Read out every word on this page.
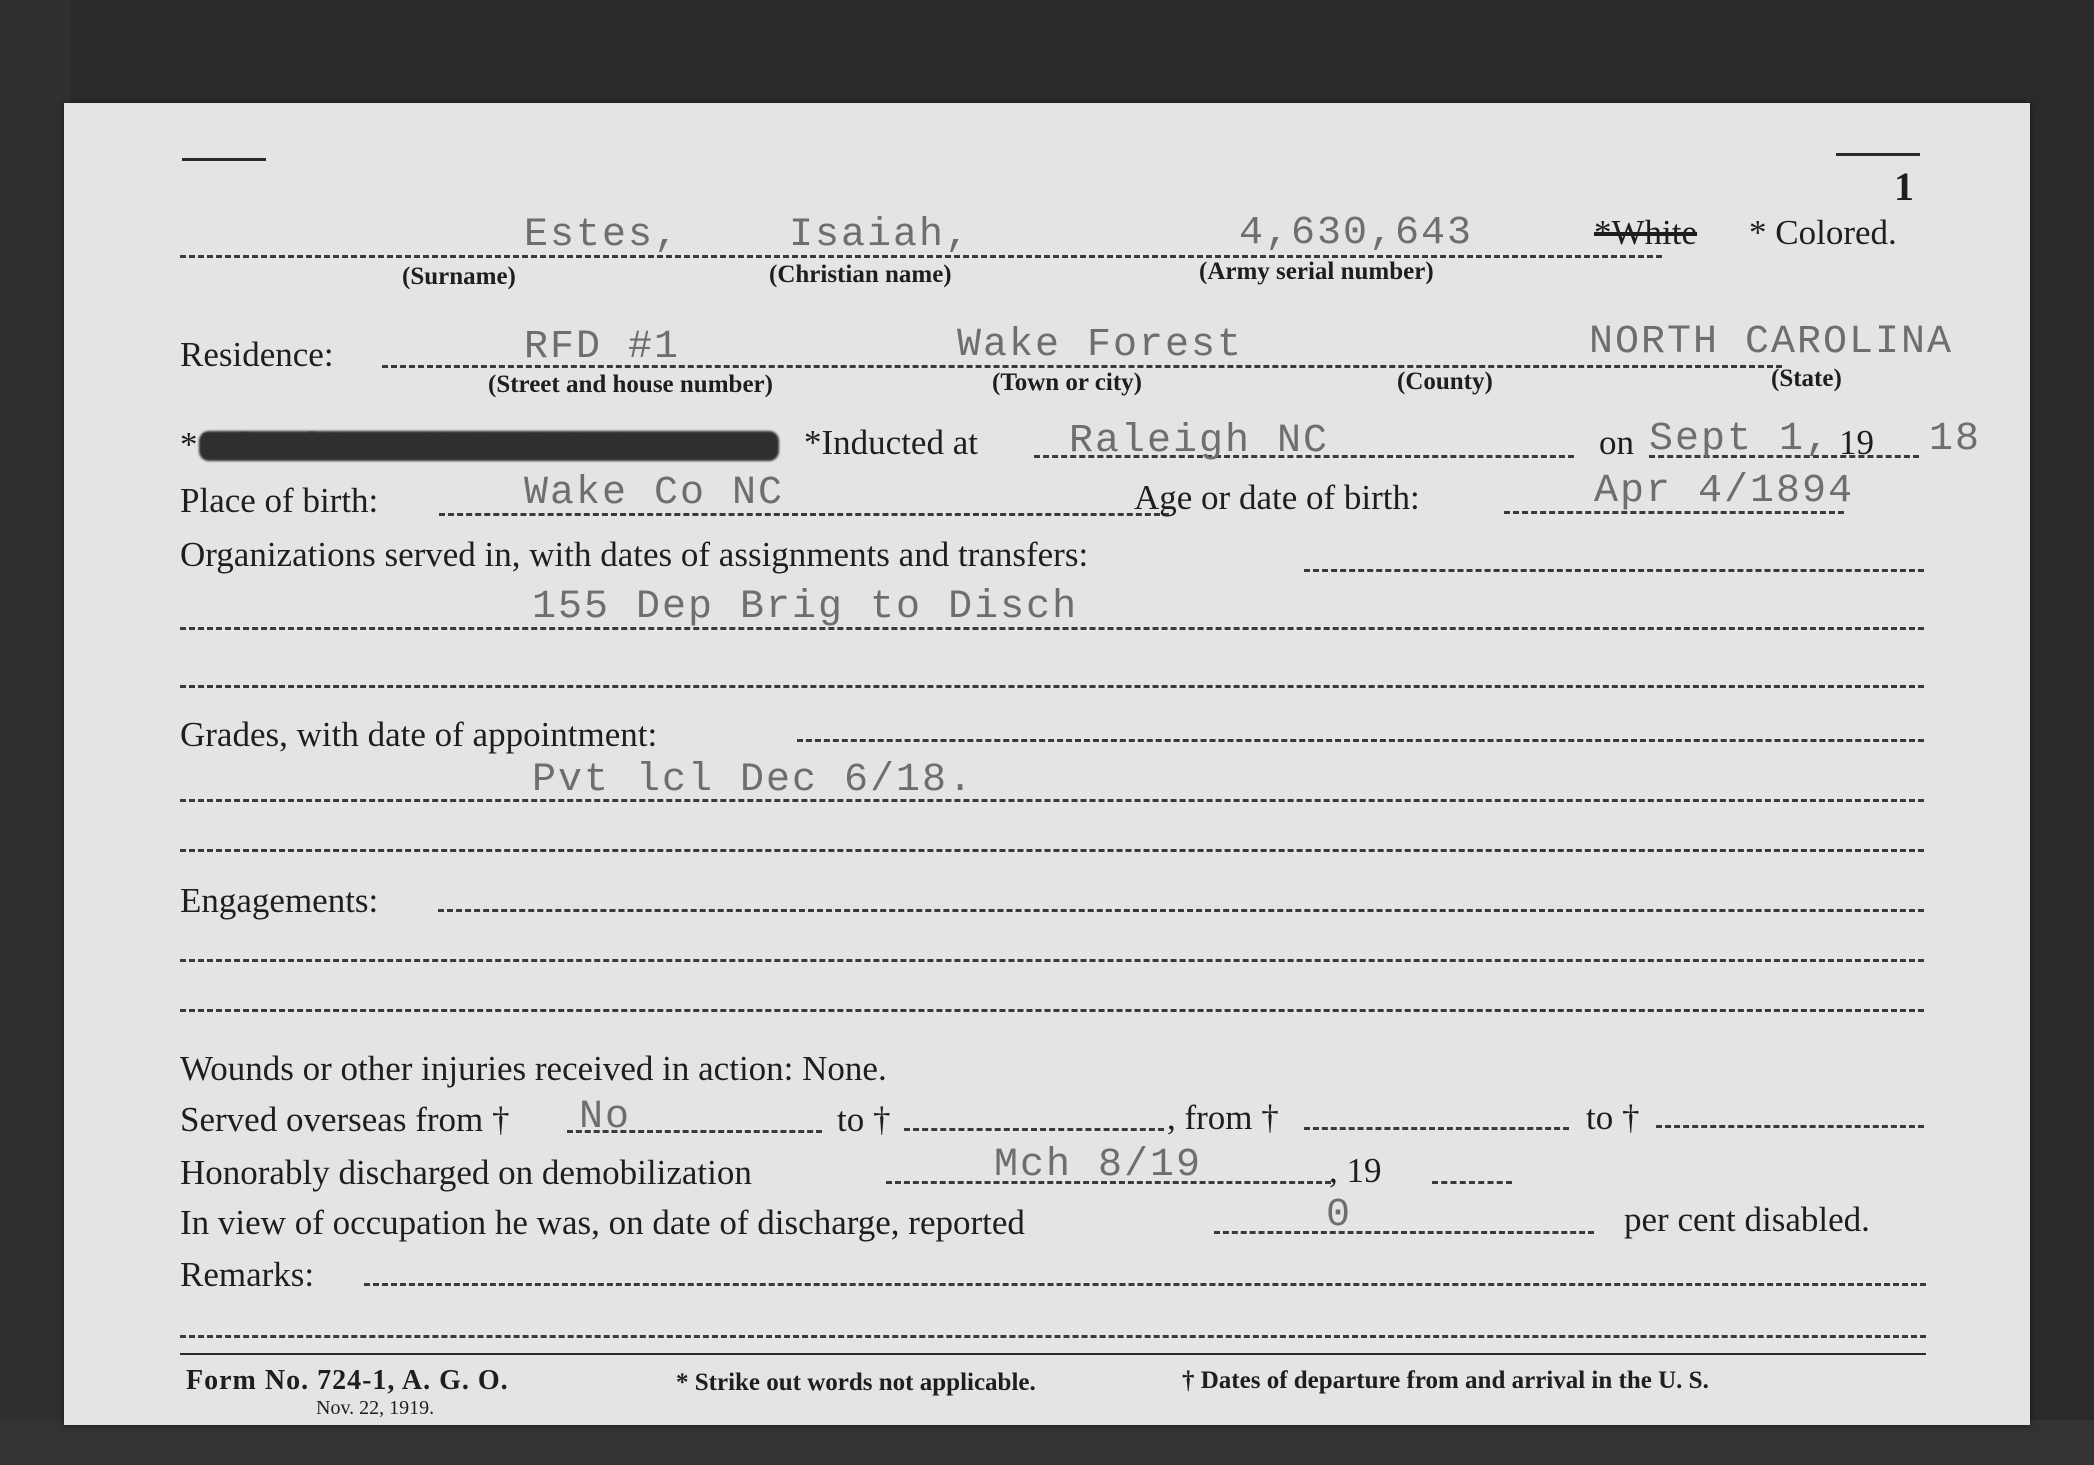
1
Estes,	Isaiah,	4,630,643	*White * Colored.
(Surname)	(Christian name)	(Army serial number)
Residence:	RFD #1	Wake Forest	NORTH CAROLINA
(Street and house number)	(Town or city)	(County)	(State)
*	*Inducted at Raleigh NC	on Sept 1, 19 18
Place of birth:	Wake Co NC	Age or date of birth:	Apr 4/1894
Organizations served in, with dates of assignments and transfers:
155 Dep Brig to Disch
Grades, with date of appointment:
Pvt lcl Dec 6/18.
Engagements:
Wounds or other injuries received in action: None.
Served overseas from † No	to †	, from †	to †
Honorably discharged on demobilization	Mch 8/19	, 19
In view of occupation he was, on date of discharge, reported	0	per cent disabled.
Remarks:
Form No. 724-1, A. G. O.
Nov. 22, 1919.
* Strike out words not applicable.	† Dates of departure from and arrival in the U. S.
